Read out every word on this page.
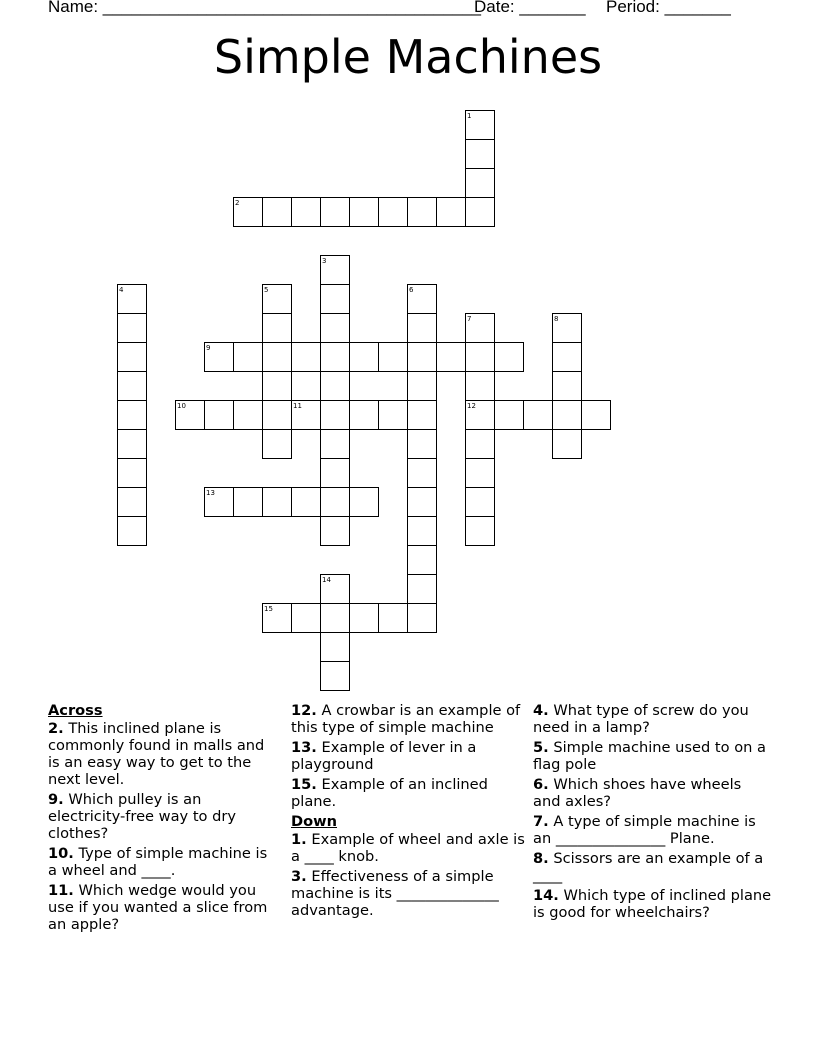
Name: ________________________________________

Date: _______

Period: _______

Simple Machines
1
2
3
4	5	6
7
12
8
9
10	11
13
14
15
Across
2. This inclined plane is commonly found in malls and is an easy way to get to the next level.
9. Which pulley is an electricity-free way to dry clothes?
10. Type of simple machine is a wheel and ____.
11. Which wedge would you use if you wanted a slice from an apple?
12. A crowbar is an example of this type of simple machine
13. Example of lever in a playground
15. Example of an inclined plane.
Down
1. Example of wheel and axle is a ____ knob.
3. Effectiveness of a simple machine is its ______________ advantage.
4. What type of screw do you need in a lamp?
5. Simple machine used to on a flag pole
6. Which shoes have wheels and axles?
7. A type of simple machine is an _______________ Plane.
8. Scissors are an example of a ____
14. Which type of inclined plane is good for wheelchairs?
